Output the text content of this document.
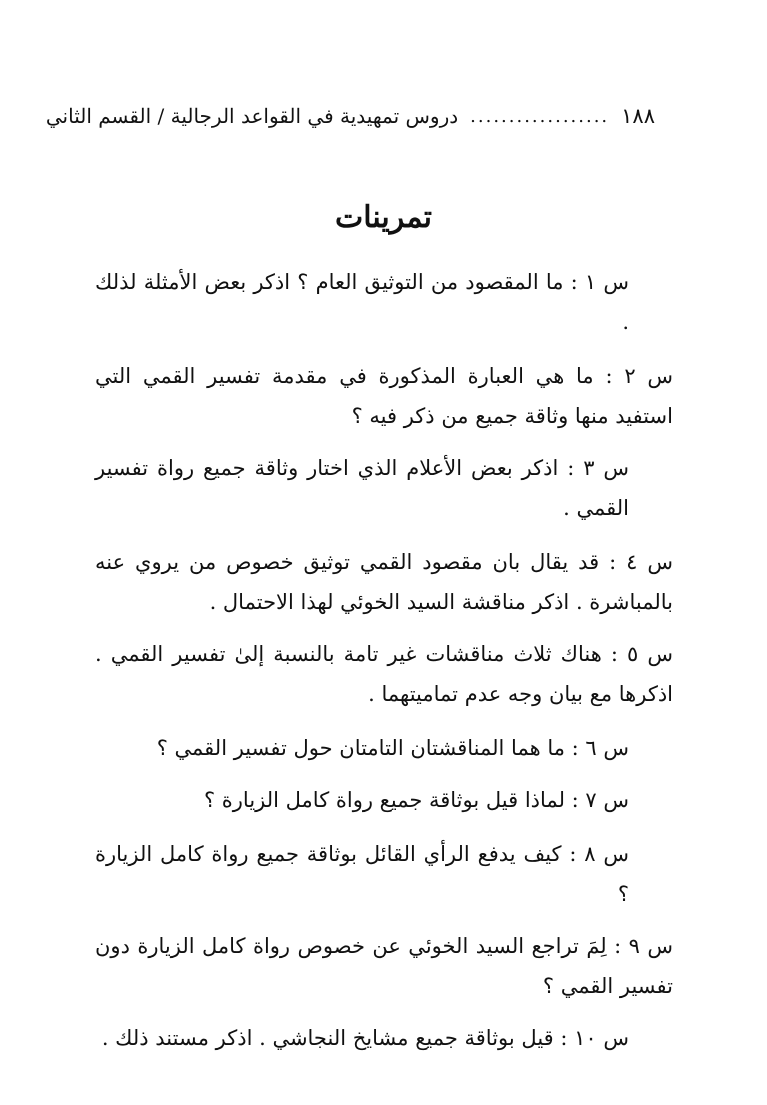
١٨٨
..................
دروس تمهيدية في القواعد الرجالية / القسم الثاني
تمرينات

س ١ : ما المقصود من التوثيق العام ؟ اذكر بعض الأمثلة لذلك .

س ٢ : ما هي العبارة المذكورة في مقدمة تفسير القمي التي استفيد منها وثاقة جميع من ذكر فيه ؟

س ٣ : اذكر بعض الأعلام الذي اختار وثاقة جميع رواة تفسير القمي .

س ٤ : قد يقال بان مقصود القمي توثيق خصوص من يروي عنه بالمباشرة . اذكر مناقشة السيد الخوئي لهذا الاحتمال .

س ٥ : هناك ثلاث مناقشات غير تامة بالنسبة إلىٰ تفسير القمي . اذكرها مع بيان وجه عدم تماميتهما .

س ٦ : ما هما المناقشتان التامتان حول تفسير القمي ؟

س ٧ : لماذا قيل بوثاقة جميع رواة كامل الزيارة ؟

س ٨ : كيف يدفع الرأي القائل بوثاقة جميع رواة كامل الزيارة ؟

س ٩ : لِمَ تراجع السيد الخوئي عن خصوص رواة كامل الزيارة دون تفسير القمي ؟

س ١٠ : قيل بوثاقة جميع مشايخ النجاشي . اذكر مستند ذلك .
